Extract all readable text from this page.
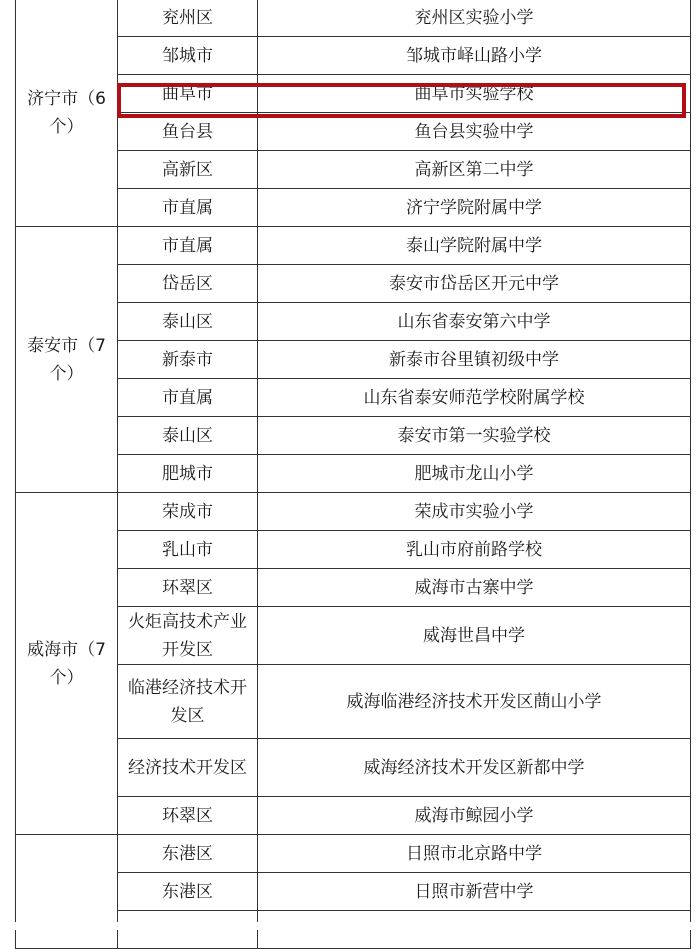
济宁市（6个）	兖州区	兖州区实验小学
	邹城市	邹城市峄山路小学
	曲阜市	曲阜市实验学校
	鱼台县	鱼台县实验中学
	高新区	高新区第二中学
	市直属	济宁学院附属中学
泰安市（7个）	市直属	泰山学院附属中学
	岱岳区	泰安市岱岳区开元中学
	泰山区	山东省泰安第六中学
	新泰市	新泰市谷里镇初级中学
	市直属	山东省泰安师范学校附属学校
	泰山区	泰安市第一实验学校
	肥城市	肥城市龙山小学
威海市（7个）	荣成市	荣成市实验小学
	乳山市	乳山市府前路学校
	环翠区	威海市古寨中学
	火炬高技术产业开发区	威海世昌中学
	临港经济技术开发区	威海临港经济技术开发区蔄山小学
	经济技术开发区	威海经济技术开发区新都中学
	环翠区	威海市鲸园小学
	东港区	日照市北京路中学
	东港区	日照市新营中学
